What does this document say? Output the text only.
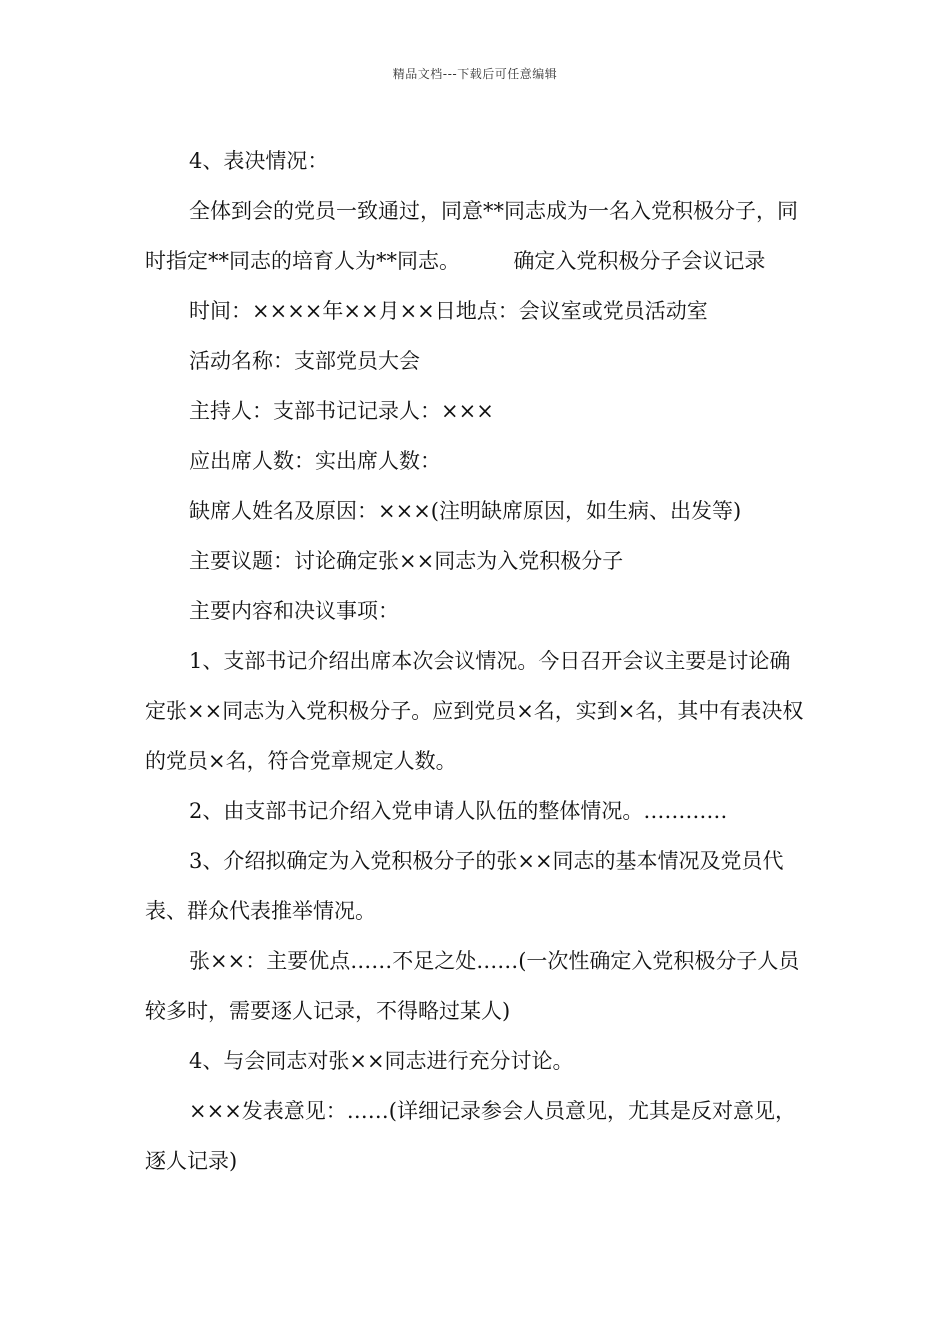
精品文档---下载后可任意编辑

4、表决情况：

全体到会的党员一致通过，同意**同志成为一名入党积极分子，同时指定**同志的培育人为**同志。        确定入党积极分子会议记录

时间：××××年××月××日地点：会议室或党员活动室

活动名称：支部党员大会

主持人：支部书记记录人：×××

应出席人数：实出席人数：

缺席人姓名及原因：×××(注明缺席原因，如生病、出发等)

主要议题：讨论确定张××同志为入党积极分子

主要内容和决议事项：

1、支部书记介绍出席本次会议情况。今日召开会议主要是讨论确定张××同志为入党积极分子。应到党员×名，实到×名，其中有表决权的党员×名，符合党章规定人数。

2、由支部书记介绍入党申请人队伍的整体情况。…………

3、介绍拟确定为入党积极分子的张××同志的基本情况及党员代表、群众代表推举情况。

张××：主要优点……不足之处……(一次性确定入党积极分子人员较多时，需要逐人记录，不得略过某人)

4、与会同志对张××同志进行充分讨论。

×××发表意见：……(详细记录参会人员意见，尤其是反对意见，逐人记录)
